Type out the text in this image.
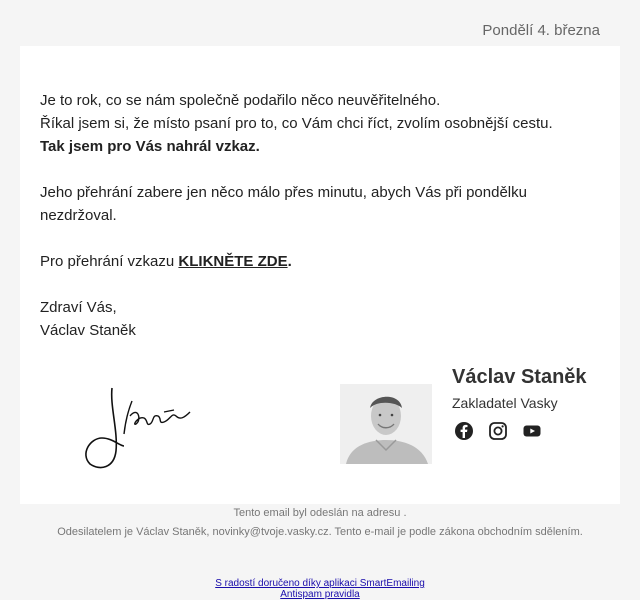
Pondělí 4. března

Je to rok, co se nám společně podařilo něco neuvěřitelného.

Říkal jsem si, že místo psaní pro to, co Vám chci říct, zvolím osobnější cestu.

Tak jsem pro Vás nahrál vzkaz.

Jeho přehrání zabere jen něco málo přes minutu, abych Vás při pondělku nezdržoval.

Pro přehrání vzkazu KLIKNĚTE ZDE.

Zdraví Vás,

Václav Staněk

Václav Staněk
Zakladatel Vasky
Tento email byl odeslán na adresu .
Odesilatelem je Václav Staněk, novinky@tvoje.vasky.cz. Tento e-mail je podle zákona obchodním sdělením.
S radostí doručeno díky aplikaci SmartEmailing
Antispam pravidla
